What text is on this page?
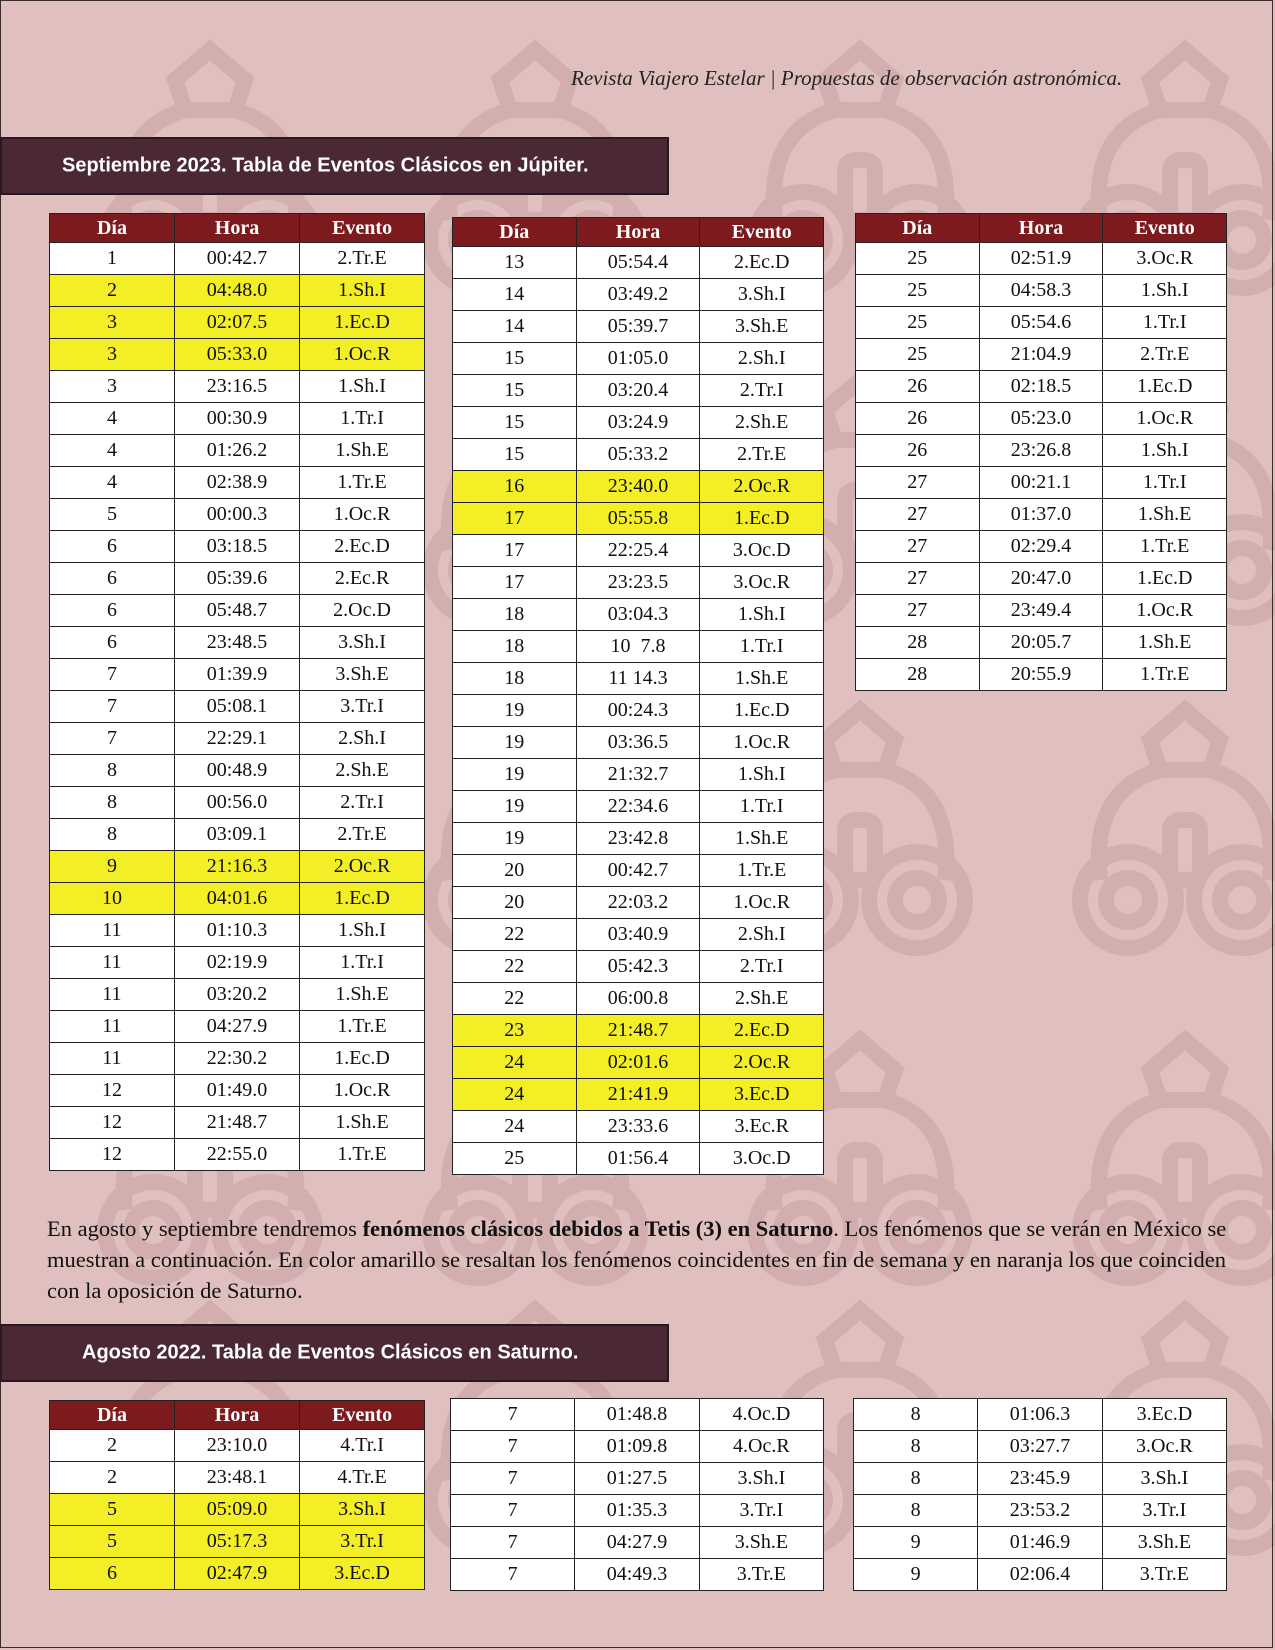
Revista Viajero Estelar | Propuestas de observación astronómica.
Septiembre 2023. Tabla de Eventos Clásicos en Júpiter.
Día	Hora	Evento
1	00:42.7	2.Tr.E
2	04:48.0	1.Sh.I
3	02:07.5	1.Ec.D
3	05:33.0	1.Oc.R
3	23:16.5	1.Sh.I
4	00:30.9	1.Tr.I
4	01:26.2	1.Sh.E
4	02:38.9	1.Tr.E
5	00:00.3	1.Oc.R
6	03:18.5	2.Ec.D
6	05:39.6	2.Ec.R
6	05:48.7	2.Oc.D
6	23:48.5	3.Sh.I
7	01:39.9	3.Sh.E
7	05:08.1	3.Tr.I
7	22:29.1	2.Sh.I
8	00:48.9	2.Sh.E
8	00:56.0	2.Tr.I
8	03:09.1	2.Tr.E
9	21:16.3	2.Oc.R
10	04:01.6	1.Ec.D
11	01:10.3	1.Sh.I
11	02:19.9	1.Tr.I
11	03:20.2	1.Sh.E
11	04:27.9	1.Tr.E
11	22:30.2	1.Ec.D
12	01:49.0	1.Oc.R
12	21:48.7	1.Sh.E
12	22:55.0	1.Tr.E
Día	Hora	Evento
13	05:54.4	2.Ec.D
14	03:49.2	3.Sh.I
14	05:39.7	3.Sh.E
15	01:05.0	2.Sh.I
15	03:20.4	2.Tr.I
15	03:24.9	2.Sh.E
15	05:33.2	2.Tr.E
16	23:40.0	2.Oc.R
17	05:55.8	1.Ec.D
17	22:25.4	3.Oc.D
17	23:23.5	3.Oc.R
18	03:04.3	1.Sh.I
18	10  7.8	1.Tr.I
18	11 14.3	1.Sh.E
19	00:24.3	1.Ec.D
19	03:36.5	1.Oc.R
19	21:32.7	1.Sh.I
19	22:34.6	1.Tr.I
19	23:42.8	1.Sh.E
20	00:42.7	1.Tr.E
20	22:03.2	1.Oc.R
22	03:40.9	2.Sh.I
22	05:42.3	2.Tr.I
22	06:00.8	2.Sh.E
23	21:48.7	2.Ec.D
24	02:01.6	2.Oc.R
24	21:41.9	3.Ec.D
24	23:33.6	3.Ec.R
25	01:56.4	3.Oc.D
Día	Hora	Evento
25	02:51.9	3.Oc.R
25	04:58.3	1.Sh.I
25	05:54.6	1.Tr.I
25	21:04.9	2.Tr.E
26	02:18.5	1.Ec.D
26	05:23.0	1.Oc.R
26	23:26.8	1.Sh.I
27	00:21.1	1.Tr.I
27	01:37.0	1.Sh.E
27	02:29.4	1.Tr.E
27	20:47.0	1.Ec.D
27	23:49.4	1.Oc.R
28	20:05.7	1.Sh.E
28	20:55.9	1.Tr.E
En agosto y septiembre tendremos fenómenos clásicos debidos a Tetis (3) en Saturno. Los fenómenos que se verán en México se muestran a continuación. En color amarillo se resaltan los fenómenos coincidentes en fin de semana y en naranja los que coinciden con la oposición de Saturno.
Agosto 2022. Tabla de Eventos Clásicos en Saturno.
Día	Hora	Evento
2	23:10.0	4.Tr.I
2	23:48.1	4.Tr.E
5	05:09.0	3.Sh.I
5	05:17.3	3.Tr.I
6	02:47.9	3.Ec.D
7	01:48.8	4.Oc.D
7	01:09.8	4.Oc.R
7	01:27.5	3.Sh.I
7	01:35.3	3.Tr.I
7	04:27.9	3.Sh.E
7	04:49.3	3.Tr.E
8	01:06.3	3.Ec.D
8	03:27.7	3.Oc.R
8	23:45.9	3.Sh.I
8	23:53.2	3.Tr.I
9	01:46.9	3.Sh.E
9	02:06.4	3.Tr.E
